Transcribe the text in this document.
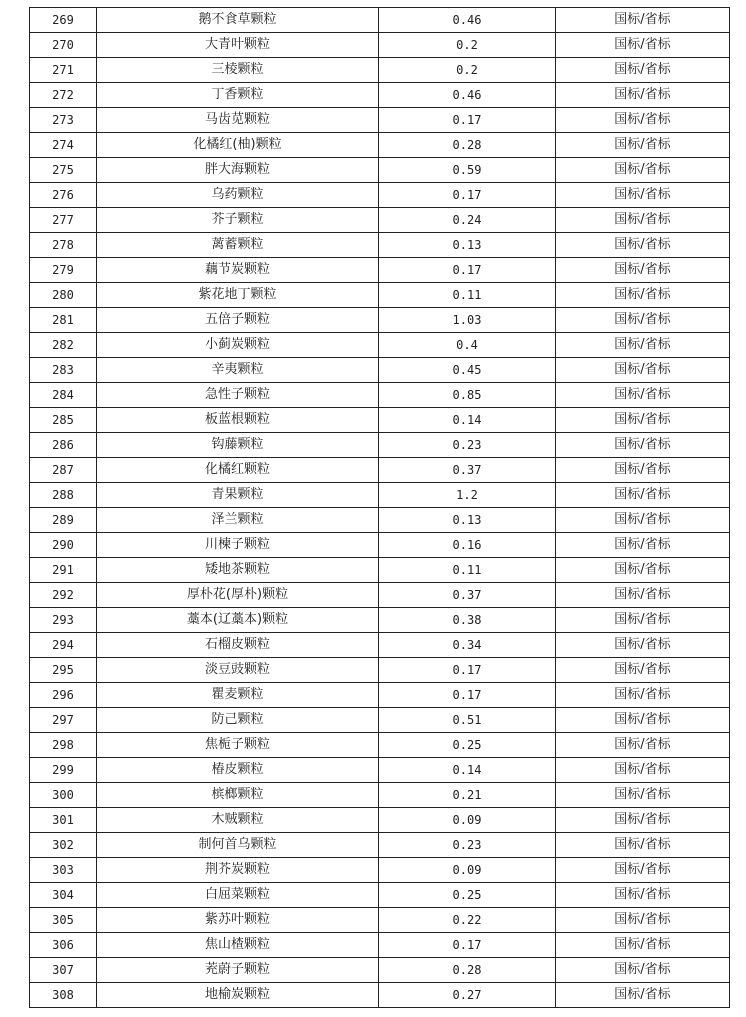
269	鹅不食草颗粒	0.46	国标/省标
270	大青叶颗粒	0.2	国标/省标
271	三棱颗粒	0.2	国标/省标
272	丁香颗粒	0.46	国标/省标
273	马齿苋颗粒	0.17	国标/省标
274	化橘红(柚)颗粒	0.28	国标/省标
275	胖大海颗粒	0.59	国标/省标
276	乌药颗粒	0.17	国标/省标
277	芥子颗粒	0.24	国标/省标
278	蓠蓄颗粒	0.13	国标/省标
279	藕节炭颗粒	0.17	国标/省标
280	紫花地丁颗粒	0.11	国标/省标
281	五倍子颗粒	1.03	国标/省标
282	小蓟炭颗粒	0.4	国标/省标
283	辛夷颗粒	0.45	国标/省标
284	急性子颗粒	0.85	国标/省标
285	板蓝根颗粒	0.14	国标/省标
286	钩藤颗粒	0.23	国标/省标
287	化橘红颗粒	0.37	国标/省标
288	青果颗粒	1.2	国标/省标
289	泽兰颗粒	0.13	国标/省标
290	川楝子颗粒	0.16	国标/省标
291	矮地茶颗粒	0.11	国标/省标
292	厚朴花(厚朴)颗粒	0.37	国标/省标
293	藁本(辽藁本)颗粒	0.38	国标/省标
294	石榴皮颗粒	0.34	国标/省标
295	淡豆豉颗粒	0.17	国标/省标
296	瞿麦颗粒	0.17	国标/省标
297	防己颗粒	0.51	国标/省标
298	焦栀子颗粒	0.25	国标/省标
299	椿皮颗粒	0.14	国标/省标
300	槟榔颗粒	0.21	国标/省标
301	木贼颗粒	0.09	国标/省标
302	制何首乌颗粒	0.23	国标/省标
303	荆芥炭颗粒	0.09	国标/省标
304	白屈菜颗粒	0.25	国标/省标
305	紫苏叶颗粒	0.22	国标/省标
306	焦山楂颗粒	0.17	国标/省标
307	茺蔚子颗粒	0.28	国标/省标
308	地榆炭颗粒	0.27	国标/省标
